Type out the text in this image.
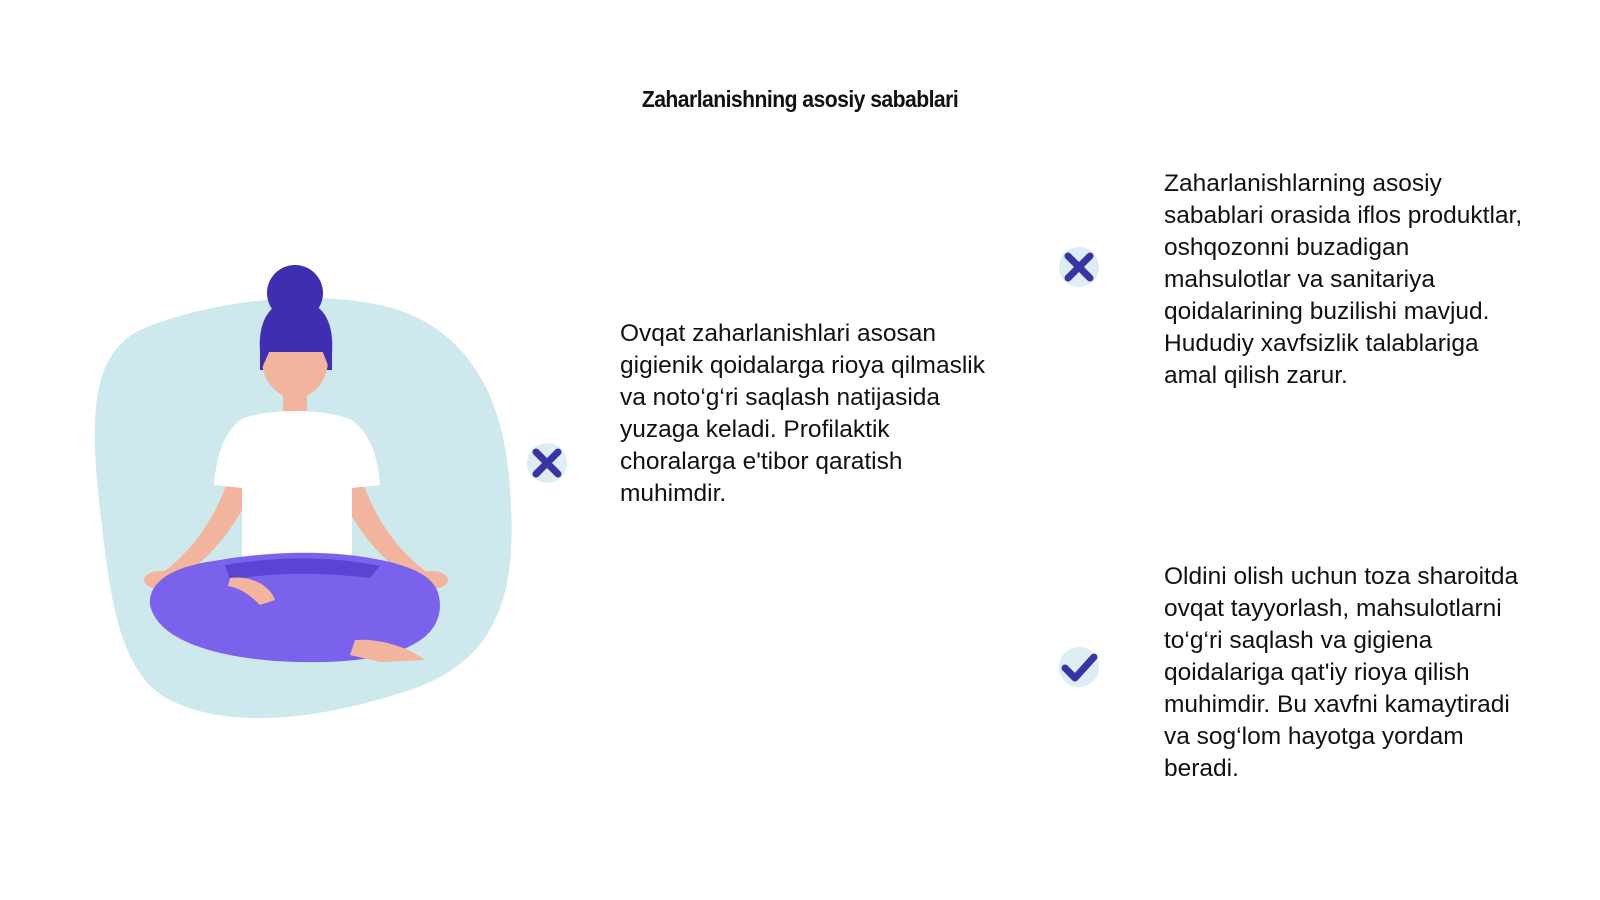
Zaharlanishning asosiy sabablari
Ovqat zaharlanishlari asosan
gigienik qoidalarga rioya qilmaslik
va noto‘g‘ri saqlash natijasida
yuzaga keladi. Profilaktik
choralarga e'tibor qaratish
muhimdir.
Zaharlanishlarning asosiy
sabablari orasida iflos produktlar,
oshqozonni buzadigan
mahsulotlar va sanitariya
qoidalarining buzilishi mavjud.
Hududiy xavfsizlik talablariga
amal qilish zarur.
Oldini olish uchun toza sharoitda
ovqat tayyorlash, mahsulotlarni
to‘g‘ri saqlash va gigiena
qoidalariga qat'iy rioya qilish
muhimdir. Bu xavfni kamaytiradi
va sog‘lom hayotga yordam
beradi.
